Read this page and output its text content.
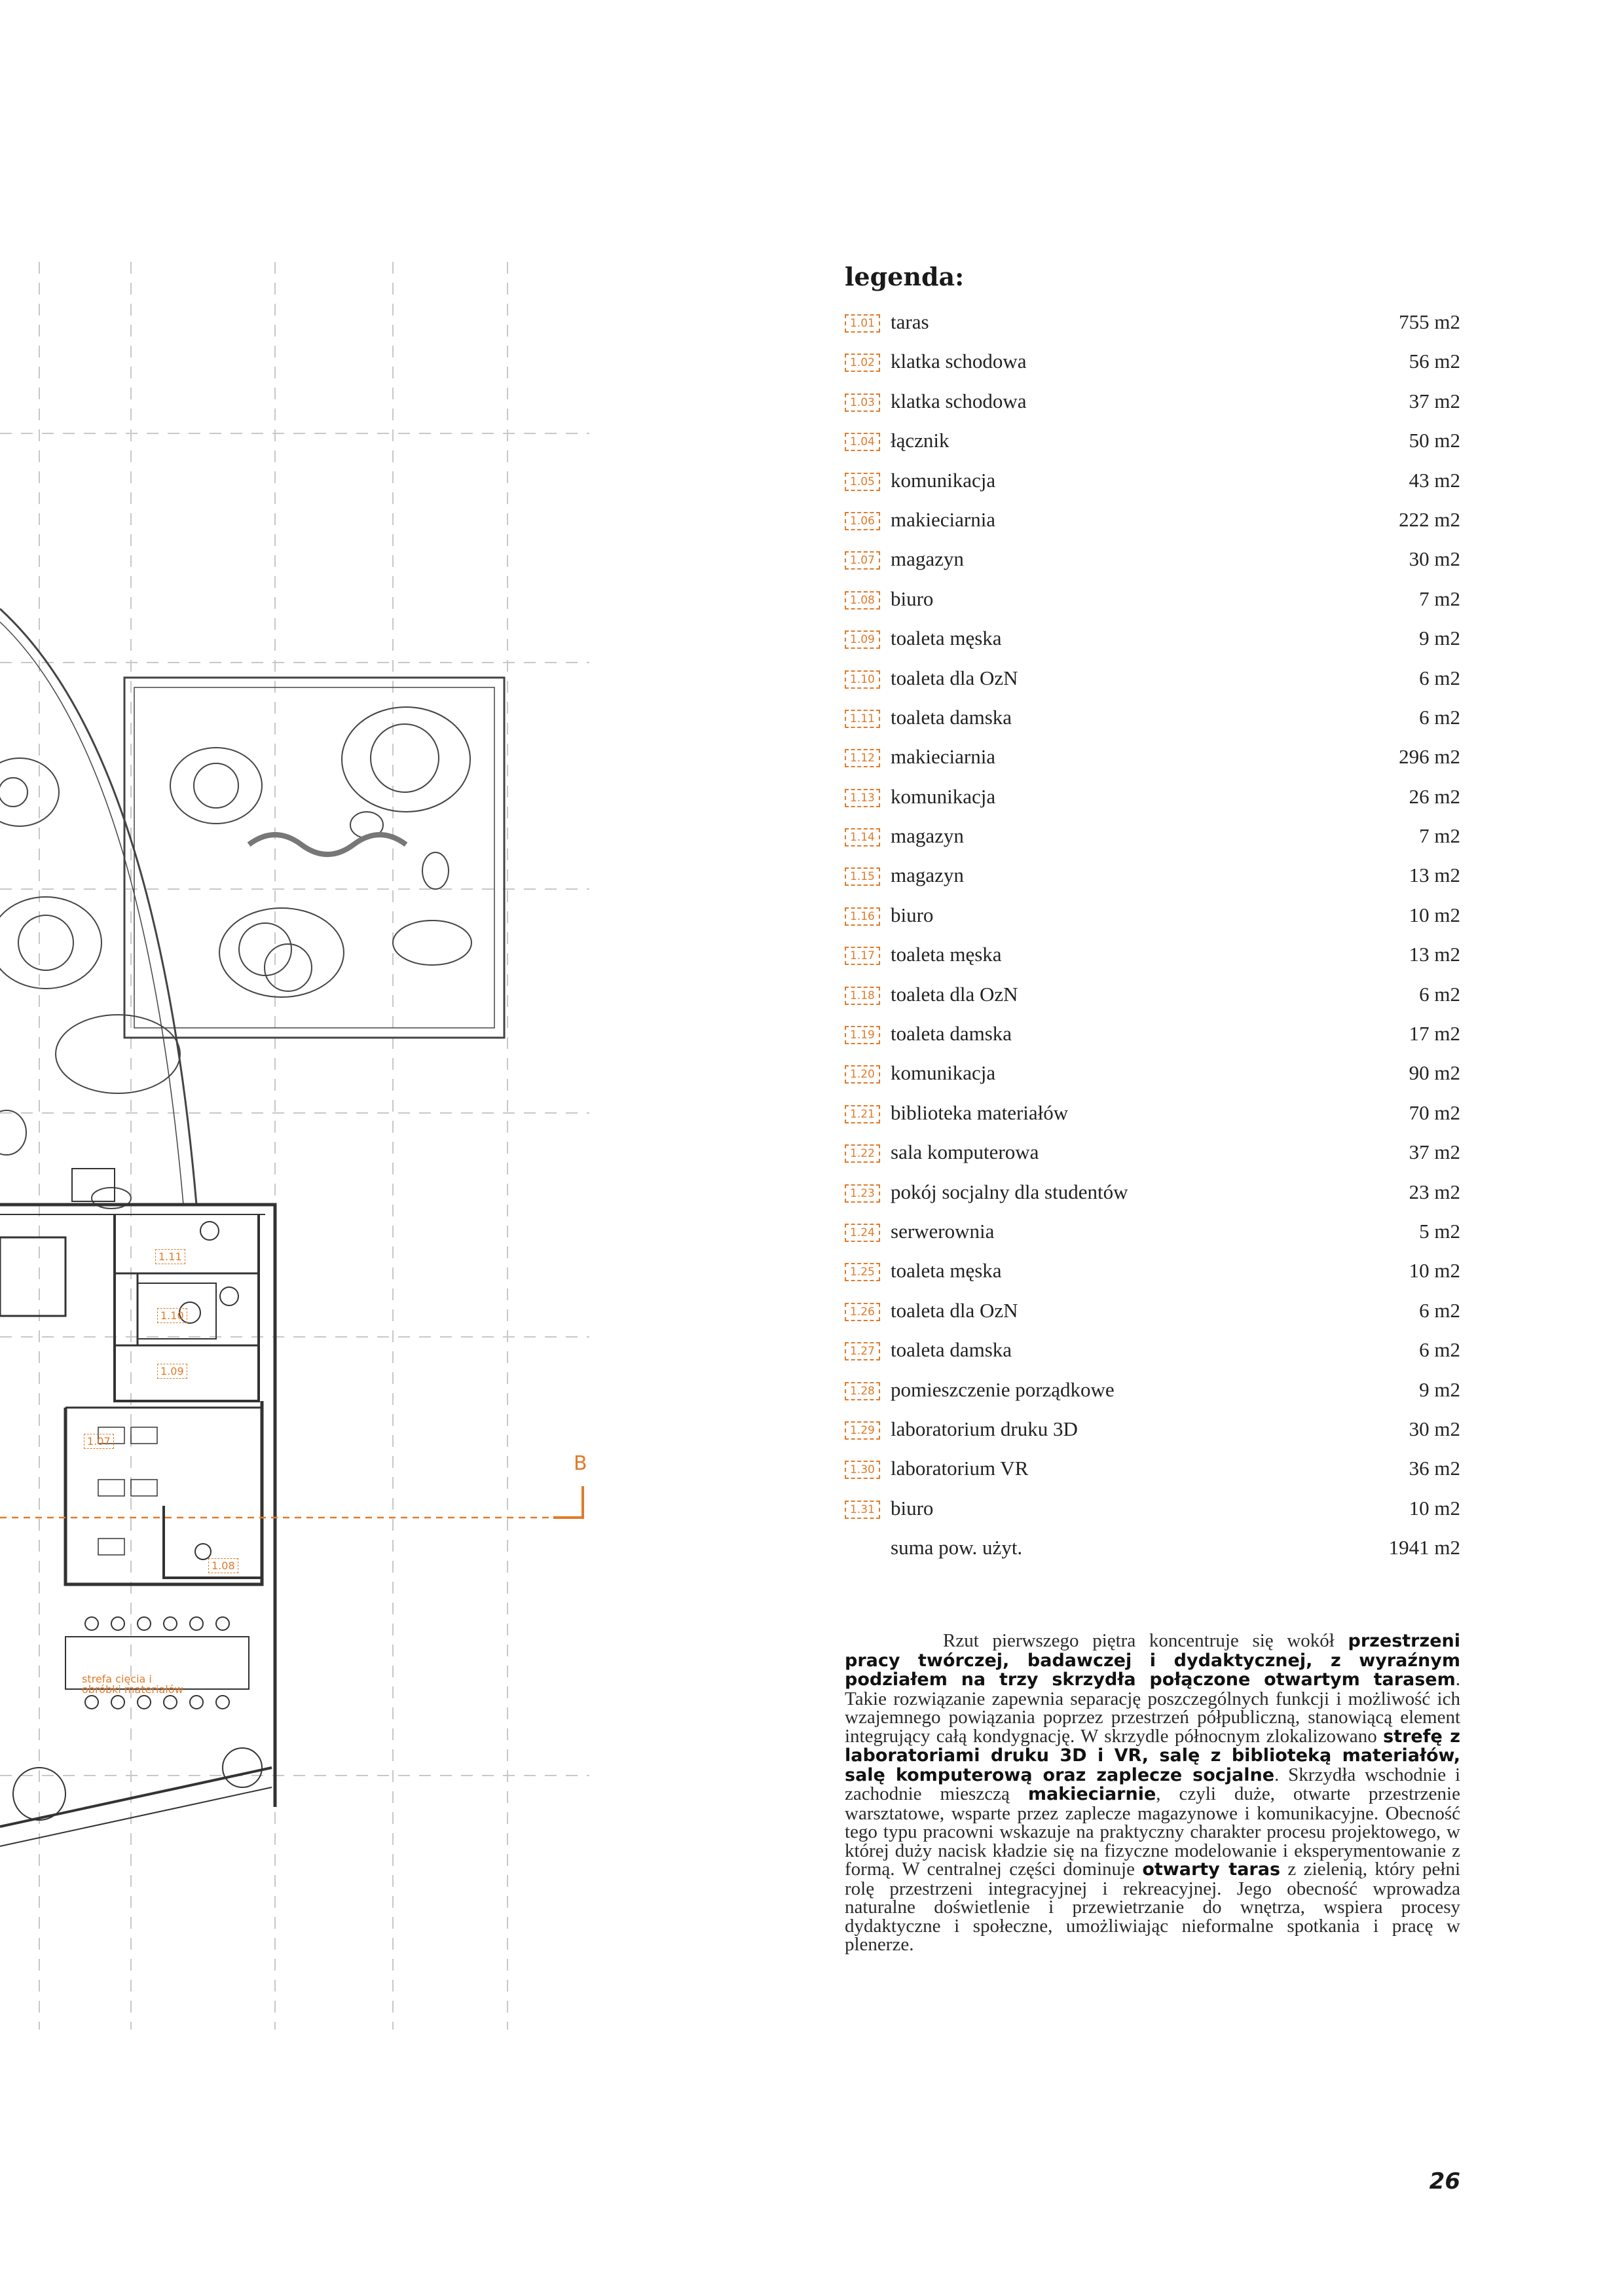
B
1.11
1.10
1.09
1.07
1.08
strefa cięcia i
obróbki materiałów
legenda:
1.01 taras	755 m2
1.02 klatka schodowa	56 m2
1.03 klatka schodowa	37 m2
1.04 łącznik	50 m2
1.05 komunikacja	43 m2
1.06 makieciarnia	222 m2
1.07 magazyn	30 m2
1.08 biuro	7 m2
1.09 toaleta męska	9 m2
1.10 toaleta dla OzN	6 m2
1.11 toaleta damska	6 m2
1.12 makieciarnia	296 m2
1.13 komunikacja	26 m2
1.14 magazyn	7 m2
1.15 magazyn	13 m2
1.16 biuro	10 m2
1.17 toaleta męska	13 m2
1.18 toaleta dla OzN	6 m2
1.19 toaleta damska	17 m2
1.20 komunikacja	90 m2
1.21 biblioteka materiałów	70 m2
1.22 sala komputerowa	37 m2
1.23 pokój socjalny dla studentów	23 m2
1.24 serwerownia	5 m2
1.25 toaleta męska	10 m2
1.26 toaleta dla OzN	6 m2
1.27 toaleta damska	6 m2
1.28 pomieszczenie porządkowe	9 m2
1.29 laboratorium druku 3D	30 m2
1.30 laboratorium VR	36 m2
1.31 biuro	10 m2
suma pow. użyt.	1941 m2

Rzut pierwszego piętra koncentruje się wokół przestrzeni pracy twórczej, badawczej i dydaktycznej, z wyraźnym podziałem na trzy skrzydła połączone otwartym tarasem. Takie rozwiązanie zapewnia separację poszczególnych funkcji i możliwość ich wzajemnego powiązania poprzez przestrzeń półpubliczną, stanowiącą element integrujący całą kondygnację. W skrzydle północnym zlokalizowano strefę z laboratoriami druku 3D i VR, salę z biblioteką materiałów, salę komputerową oraz zaplecze socjalne. Skrzydła wschodnie i zachodnie mieszczą makieciarnie, czyli duże, otwarte przestrzenie warsztatowe, wsparte przez zaplecze magazynowe i komunikacyjne. Obecność tego typu pracowni wskazuje na praktyczny charakter procesu projektowego, w której duży nacisk kładzie się na fizyczne modelowanie i eksperymentowanie z formą. W centralnej części dominuje otwarty taras z zielenią, który pełni rolę przestrzeni integracyjnej i rekreacyjnej. Jego obecność wprowadza naturalne doświetlenie i przewietrzanie do wnętrza, wspiera procesy dydaktyczne i społeczne, umożliwiając nieformalne spotkania i pracę w plenerze.

26
